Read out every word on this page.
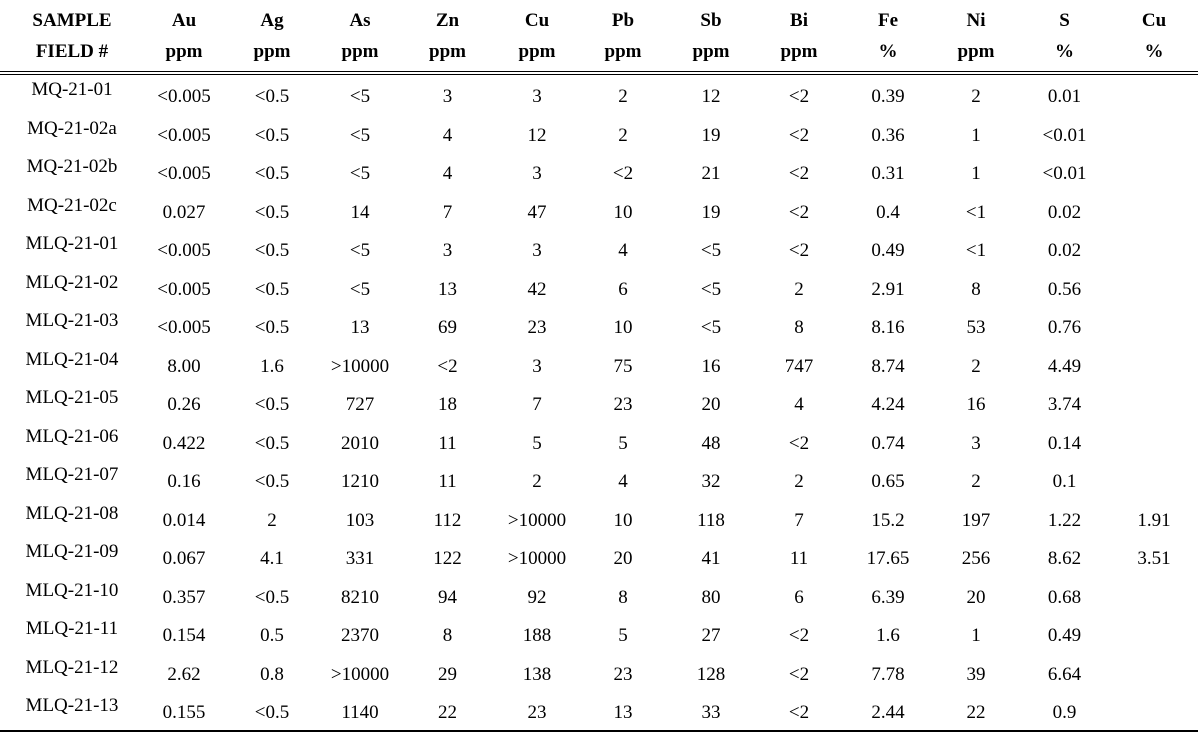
SAMPLE	Au	Ag	As	Zn	Cu	Pb	Sb	Bi	Fe	Ni	S	Cu
FIELD #	ppm	ppm	ppm	ppm	ppm	ppm	ppm	ppm	%	ppm	%	%
MQ-21-01	<0.005	<0.5	<5	3	3	2	12	<2	0.39	2	0.01	
MQ-21-02a	<0.005	<0.5	<5	4	12	2	19	<2	0.36	1	<0.01	
MQ-21-02b	<0.005	<0.5	<5	4	3	<2	21	<2	0.31	1	<0.01	
MQ-21-02c	0.027	<0.5	14	7	47	10	19	<2	0.4	<1	0.02	
MLQ-21-01	<0.005	<0.5	<5	3	3	4	<5	<2	0.49	<1	0.02	
MLQ-21-02	<0.005	<0.5	<5	13	42	6	<5	2	2.91	8	0.56	
MLQ-21-03	<0.005	<0.5	13	69	23	10	<5	8	8.16	53	0.76	
MLQ-21-04	8.00	1.6	>10000	<2	3	75	16	747	8.74	2	4.49	
MLQ-21-05	0.26	<0.5	727	18	7	23	20	4	4.24	16	3.74	
MLQ-21-06	0.422	<0.5	2010	11	5	5	48	<2	0.74	3	0.14	
MLQ-21-07	0.16	<0.5	1210	11	2	4	32	2	0.65	2	0.1	
MLQ-21-08	0.014	2	103	112	>10000	10	118	7	15.2	197	1.22	1.91
MLQ-21-09	0.067	4.1	331	122	>10000	20	41	11	17.65	256	8.62	3.51
MLQ-21-10	0.357	<0.5	8210	94	92	8	80	6	6.39	20	0.68	
MLQ-21-11	0.154	0.5	2370	8	188	5	27	<2	1.6	1	0.49	
MLQ-21-12	2.62	0.8	>10000	29	138	23	128	<2	7.78	39	6.64	
MLQ-21-13	0.155	<0.5	1140	22	23	13	33	<2	2.44	22	0.9	
